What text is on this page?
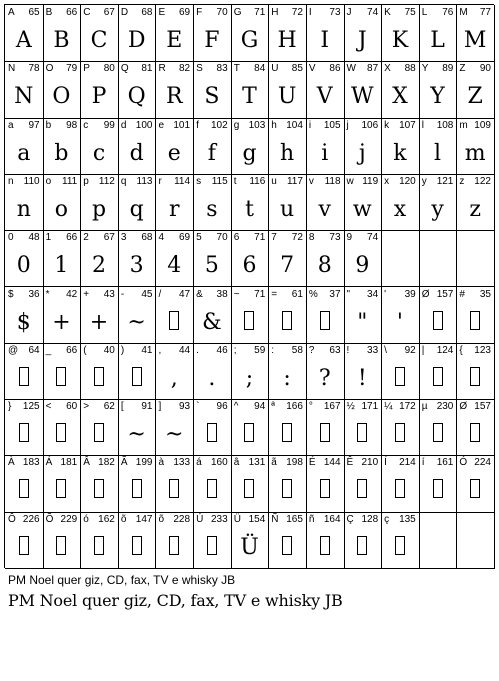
A 65
A
B 66
B
C 67
C
D 68
D
E 69
E
F 70
F
G 71
G
H 72
H
I 73
I
J 74
J
K 75
K
L 76
L
M 77
M
N 78
N
O 79
O
P 80
P
Q 81
Q
R 82
R
S 83
S
T 84
T
U 85
U
V 86
V
W 87
W
X 88
X
Y 89
Y
Z 90
Z
a 97
a
b 98
b
c 99
c
d 100
d
e 101
e
f 102
f
g 103
g
h 104
h
i 105
i
j 106
j
k 107
k
l 108
l
m 109
m
n 110
n
o 111
o
p 112
p
q 113
q
r 114
r
s 115
s
t 116
t
u 117
u
v 118
v
w 119
w
x 120
x
y 121
y
z 122
z
0 48
0
1 66
1
2 67
2
3 68
3
4 69
4
5 70
5
6 71
6
7 72
7
8 73
8
9 74
9
$ 36
$
* 42
+
+ 43
+
- 45
~
/ 47 & 38
&
~ 71 = 61 % 37 " 34
"
' 39
'
Ø 157 # 35
@ 64 _ 66 ( 40 ) 41 , 44
,
. 46
.
; 59
;
: 58
:
? 63
?
! 33
!
\ 92 | 124 { 123
} 125 < 60 > 62 [ 91
~
] 93
~
` 96 ^ 94 ª 166 ° 167 ½ 171 ¼ 172 µ 230 Ø 157
À 183 Á 181 Â 182 Ã 199 à 133 á 160 â 131 ã 198 É 144 Ê 210 Í 214 í 161 Ó 224
Ô 226 Õ 229 ó 162 õ 147 õ 228 Ú 233 Ü 154
Ü
Ñ 165 ñ 164 Ç 128 ç 135
PM Noel quer giz, CD, fax, TV e whisky JB
PM Noel quer giz, CD, fax, TV e whisky JB
